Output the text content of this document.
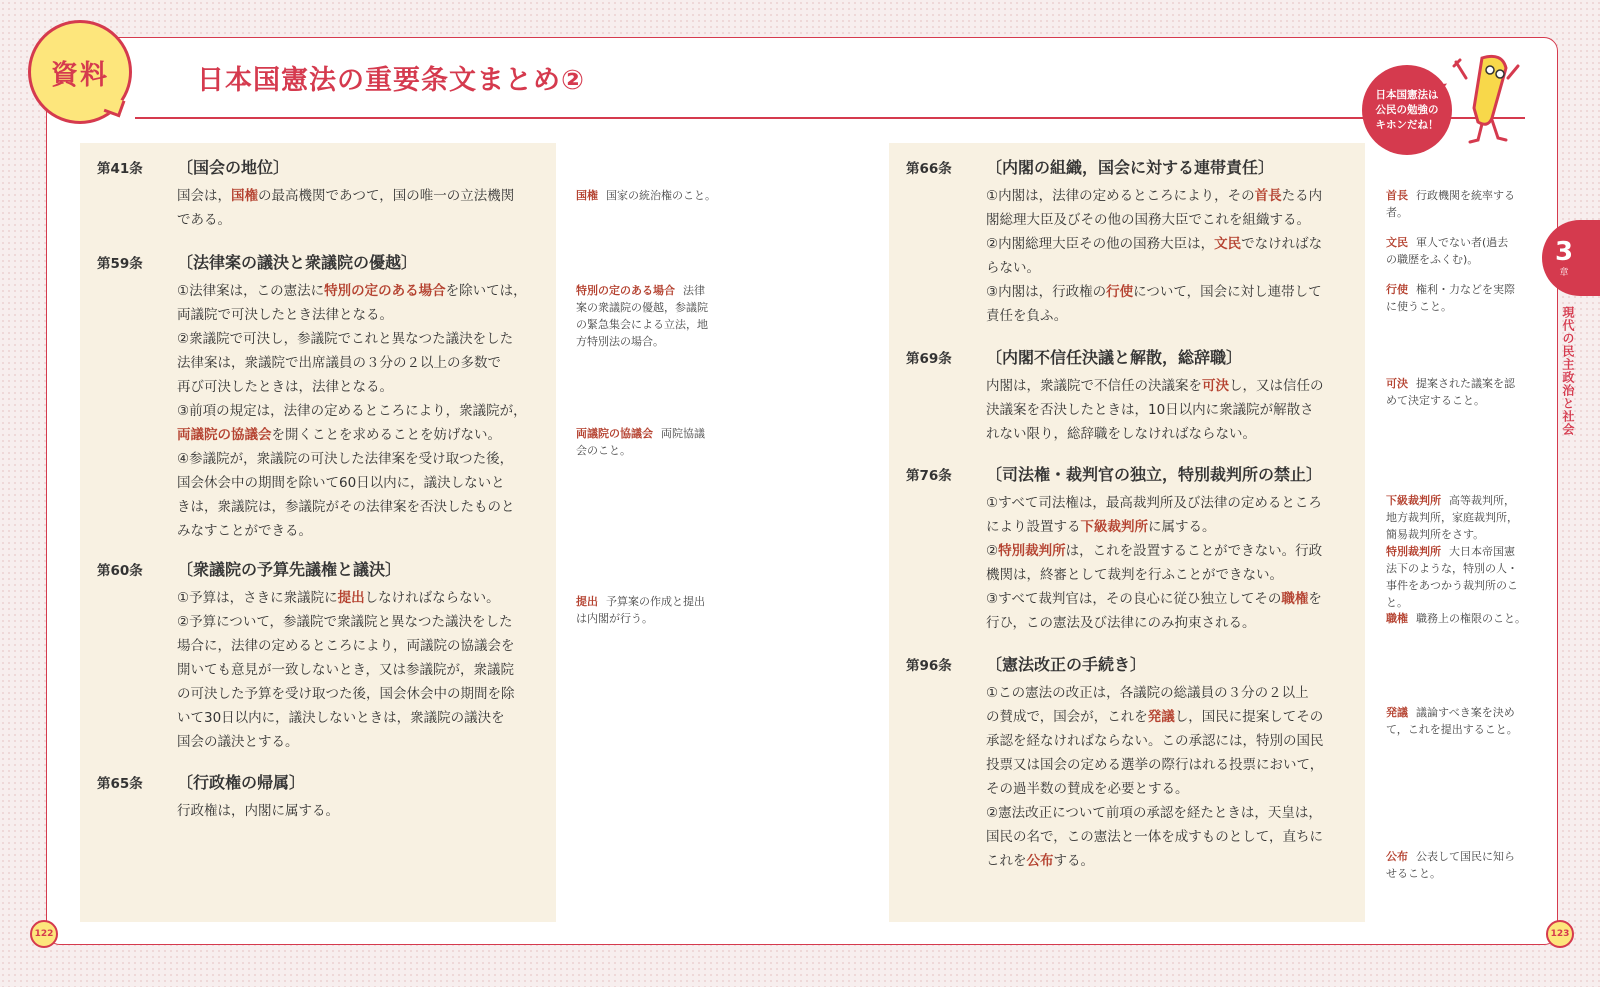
資料	日本国憲法の重要条文まとめ②	日本国憲法は
公民の勉強の
キホンだね！
3
章
現代の民主政治と社会
第41条	〔国会の地位〕
国会は，国権の最高機関であつて，国の唯一の立法機関
である。
第59条	〔法律案の議決と衆議院の優越〕
①法律案は，この憲法に特別の定のある場合を除いては，
両議院で可決したとき法律となる。
②衆議院で可決し，参議院でこれと異なつた議決をした
法律案は，衆議院で出席議員の３分の２以上の多数で
再び可決したときは，法律となる。
③前項の規定は，法律の定めるところにより，衆議院が，
両議院の協議会を開くことを求めることを妨げない。
④参議院が，衆議院の可決した法律案を受け取つた後，
国会休会中の期間を除いて60日以内に，議決しないと
きは，衆議院は，参議院がその法律案を否決したものと
みなすことができる。
第60条	〔衆議院の予算先議権と議決〕
①予算は，さきに衆議院に提出しなければならない。
②予算について，参議院で衆議院と異なつた議決をした
場合に，法律の定めるところにより，両議院の協議会を
開いても意見が一致しないとき，又は参議院が，衆議院
の可決した予算を受け取つた後，国会休会中の期間を除
いて30日以内に，議決しないときは，衆議院の議決を
国会の議決とする。
第65条	〔行政権の帰属〕
行政権は，内閣に属する。
第66条	〔内閣の組織，国会に対する連帯責任〕
①内閣は，法律の定めるところにより，その首長たる内
閣総理大臣及びその他の国務大臣でこれを組織する。
②内閣総理大臣その他の国務大臣は，文民でなければな
らない。
③内閣は，行政権の行使について，国会に対し連帯して
責任を負ふ。
第69条	〔内閣不信任決議と解散，総辞職〕
内閣は，衆議院で不信任の決議案を可決し，又は信任の
決議案を否決したときは，10日以内に衆議院が解散さ
れない限り，総辞職をしなければならない。
第76条	〔司法権・裁判官の独立，特別裁判所の禁止〕
①すべて司法権は，最高裁判所及び法律の定めるところ
により設置する下級裁判所に属する。
②特別裁判所は，これを設置することができない。行政
機関は，終審として裁判を行ふことができない。
③すべて裁判官は，その良心に従ひ独立してその職権を
行ひ，この憲法及び法律にのみ拘束される。
第96条	〔憲法改正の手続き〕
①この憲法の改正は，各議院の総議員の３分の２以上
の賛成で，国会が，これを発議し，国民に提案してその
承認を経なければならない。この承認には，特別の国民
投票又は国会の定める選挙の際行はれる投票において，
その過半数の賛成を必要とする。
②憲法改正について前項の承認を経たときは，天皇は，
国民の名で，この憲法と一体を成すものとして，直ちに
これを公布する。
国権 国家の統治権のこと。
特別の定のある場合 法律
案の衆議院の優越，参議院
の緊急集会による立法，地
方特別法の場合。
両議院の協議会 両院協議
会のこと。
提出 予算案の作成と提出
は内閣が行う。
首長 行政機関を統率する
者。
文民 軍人でない者(過去
の職歴をふくむ)。
行使 権利・力などを実際
に使うこと。
可決 提案された議案を認
めて決定すること。
下級裁判所 高等裁判所，
地方裁判所，家庭裁判所，
簡易裁判所をさす。
特別裁判所 大日本帝国憲
法下のような，特別の人・
事件をあつかう裁判所のこ
と。
職権 職務上の権限のこと。
発議 議論すべき案を決め
て，これを提出すること。
公布 公表して国民に知ら
せること。
122	123
